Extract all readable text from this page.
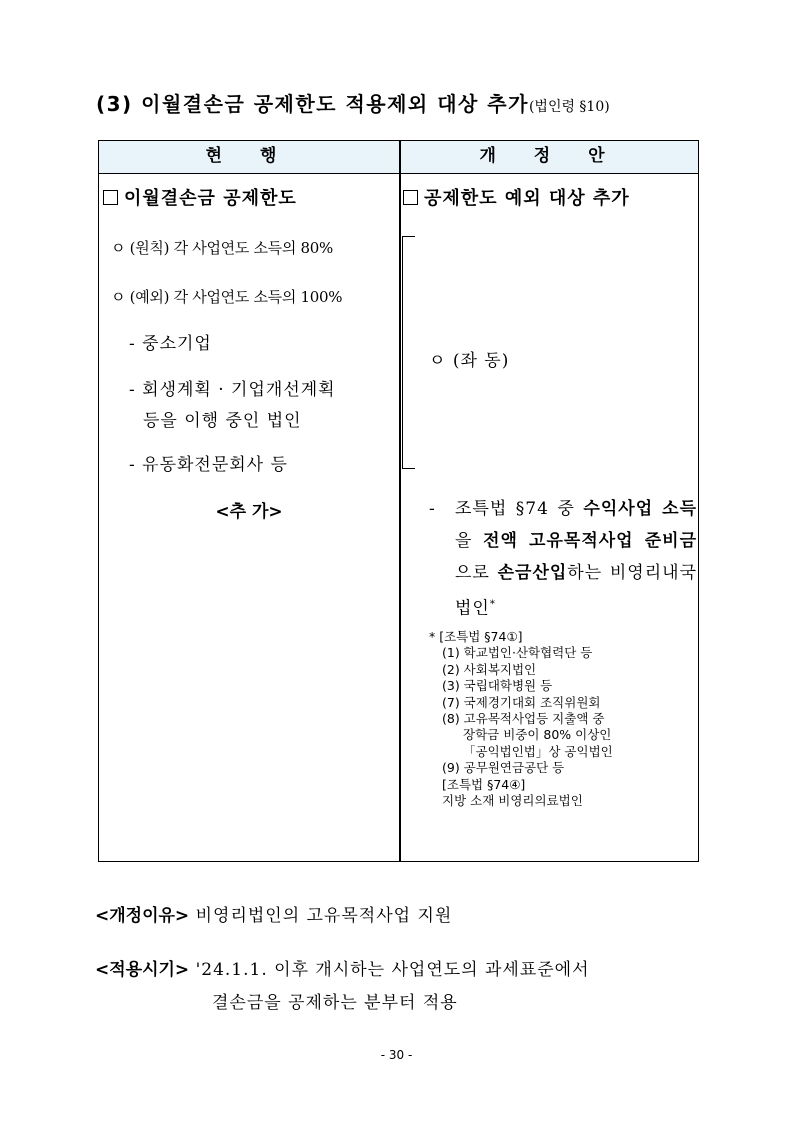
(3) 이월결손금 공제한도 적용제외 대상 추가(법인령 §10)
현 행	개 정 안
이월결손금 공제한도
ㅇ (원칙) 각 사업연도 소득의 80%
ㅇ (예외) 각 사업연도 소득의 100%
- 중소기업
- 회생계획 · 기업개선계획
등을 이행 중인 법인
- 유동화전문회사 등
<추 가>
공제한도 예외 대상 추가
ㅇ (좌 동)
- 조특법 §74 중 수익사업 소득을 전액 고유목적사업 준비금으로 손금산입하는 비영리내국법인*
* [조특법 §74①]
(1) 학교법인·산학협력단 등
(2) 사회복지법인
(3) 국립대학병원 등
(7) 국제경기대회 조직위원회
(8) 고유목적사업등 지출액 중
장학금 비중이 80% 이상인
「공익법인법」상 공익법인
(9) 공무원연금공단 등
[조특법 §74④]
지방 소재 비영리의료법인
<개정이유> 비영리법인의 고유목적사업 지원
<적용시기> '24.1.1. 이후 개시하는 사업연도의 과세표준에서
결손금을 공제하는 분부터 적용
- 30 -
